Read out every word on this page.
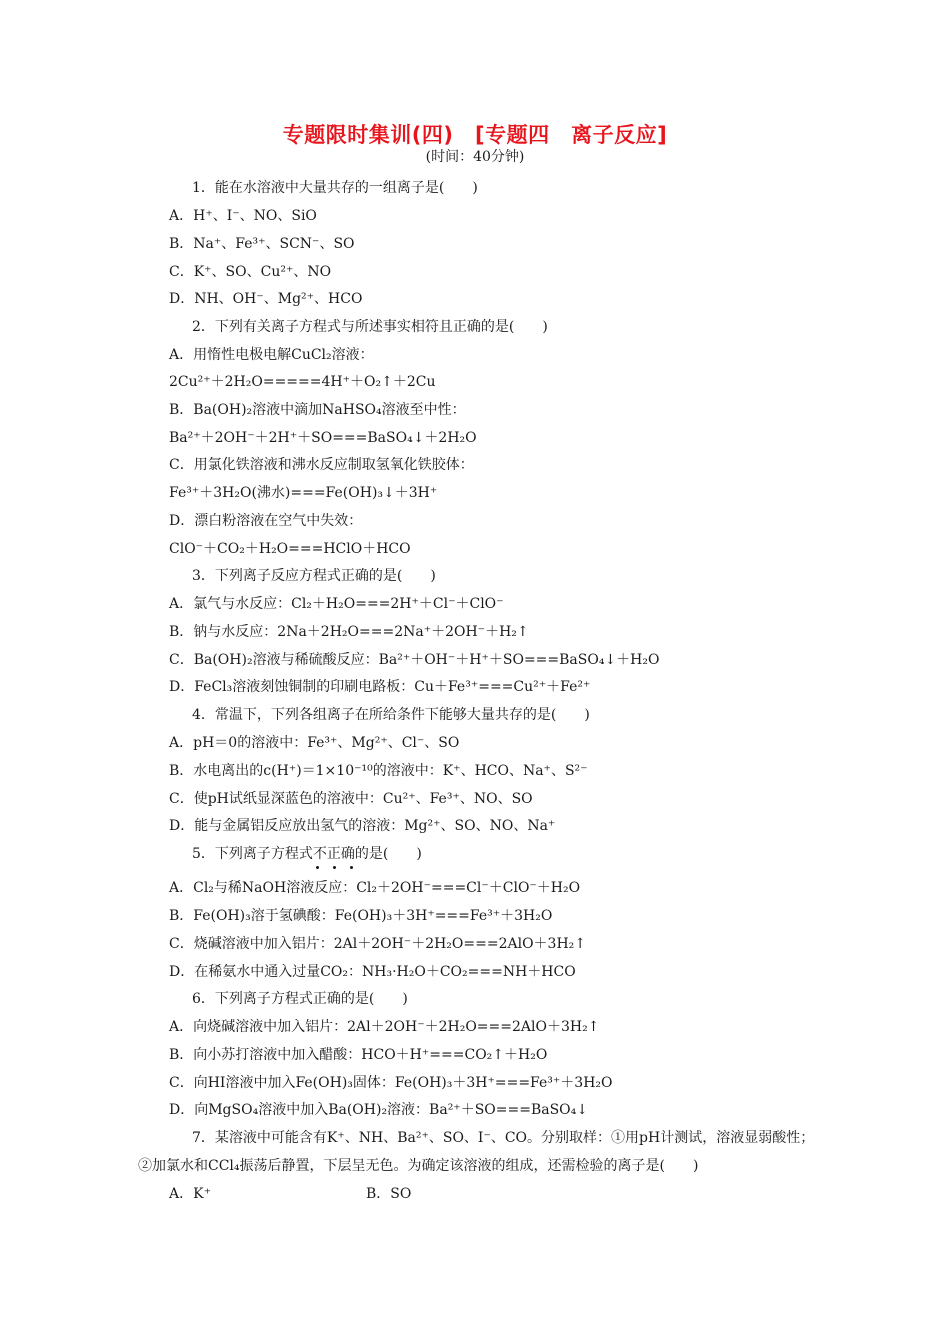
专题限时集训(四)　[专题四　离子反应]
(时间：40分钟)
1．能在水溶液中大量共存的一组离子是(　　)
A．H⁺、I⁻、NO、SiO
B．Na⁺、Fe³⁺、SCN⁻、SO
C．K⁺、SO、Cu²⁺、NO
D．NH、OH⁻、Mg²⁺、HCO
2．下列有关离子方程式与所述事实相符且正确的是(　　)
A．用惰性电极电解CuCl₂溶液：
2Cu²⁺＋2H₂O=====4H⁺＋O₂↑＋2Cu
B．Ba(OH)₂溶液中滴加NaHSO₄溶液至中性：
Ba²⁺＋2OH⁻＋2H⁺＋SO===BaSO₄↓＋2H₂O
C．用氯化铁溶液和沸水反应制取氢氧化铁胶体：
Fe³⁺＋3H₂O(沸水)===Fe(OH)₃↓＋3H⁺
D．漂白粉溶液在空气中失效：
ClO⁻＋CO₂＋H₂O===HClO＋HCO
3．下列离子反应方程式正确的是(　　)
A．氯气与水反应：Cl₂＋H₂O===2H⁺＋Cl⁻＋ClO⁻
B．钠与水反应：2Na＋2H₂O===2Na⁺＋2OH⁻＋H₂↑
C．Ba(OH)₂溶液与稀硫酸反应：Ba²⁺＋OH⁻＋H⁺＋SO===BaSO₄↓＋H₂O
D．FeCl₃溶液刻蚀铜制的印刷电路板：Cu＋Fe³⁺===Cu²⁺＋Fe²⁺
4．常温下，下列各组离子在所给条件下能够大量共存的是(　　)
A．pH＝0的溶液中：Fe³⁺、Mg²⁺、Cl⁻、SO
B．水电离出的c(H⁺)＝1×10⁻¹⁰的溶液中：K⁺、HCO、Na⁺、S²⁻
C．使pH试纸显深蓝色的溶液中：Cu²⁺、Fe³⁺、NO、SO
D．能与金属铝反应放出氢气的溶液：Mg²⁺、SO、NO、Na⁺
5．下列离子方程式不正确的是(　　)
A．Cl₂与稀NaOH溶液反应：Cl₂＋2OH⁻===Cl⁻＋ClO⁻＋H₂O
B．Fe(OH)₃溶于氢碘酸：Fe(OH)₃＋3H⁺===Fe³⁺＋3H₂O
C．烧碱溶液中加入铝片：2Al＋2OH⁻＋2H₂O===2AlO＋3H₂↑
D．在稀氨水中通入过量CO₂：NH₃·H₂O＋CO₂===NH＋HCO
6．下列离子方程式正确的是(　　)
A．向烧碱溶液中加入铝片：2Al＋2OH⁻＋2H₂O===2AlO＋3H₂↑
B．向小苏打溶液中加入醋酸：HCO＋H⁺===CO₂↑＋H₂O
C．向HI溶液中加入Fe(OH)₃固体：Fe(OH)₃＋3H⁺===Fe³⁺＋3H₂O
D．向MgSO₄溶液中加入Ba(OH)₂溶液：Ba²⁺＋SO===BaSO₄↓
7．某溶液中可能含有K⁺、NH、Ba²⁺、SO、I⁻、CO。分别取样：①用pH计测试，溶液显弱酸性；
②加氯水和CCl₄振荡后静置，下层呈无色。为确定该溶液的组成，还需检验的离子是(　　)
A．K⁺	B．SO
